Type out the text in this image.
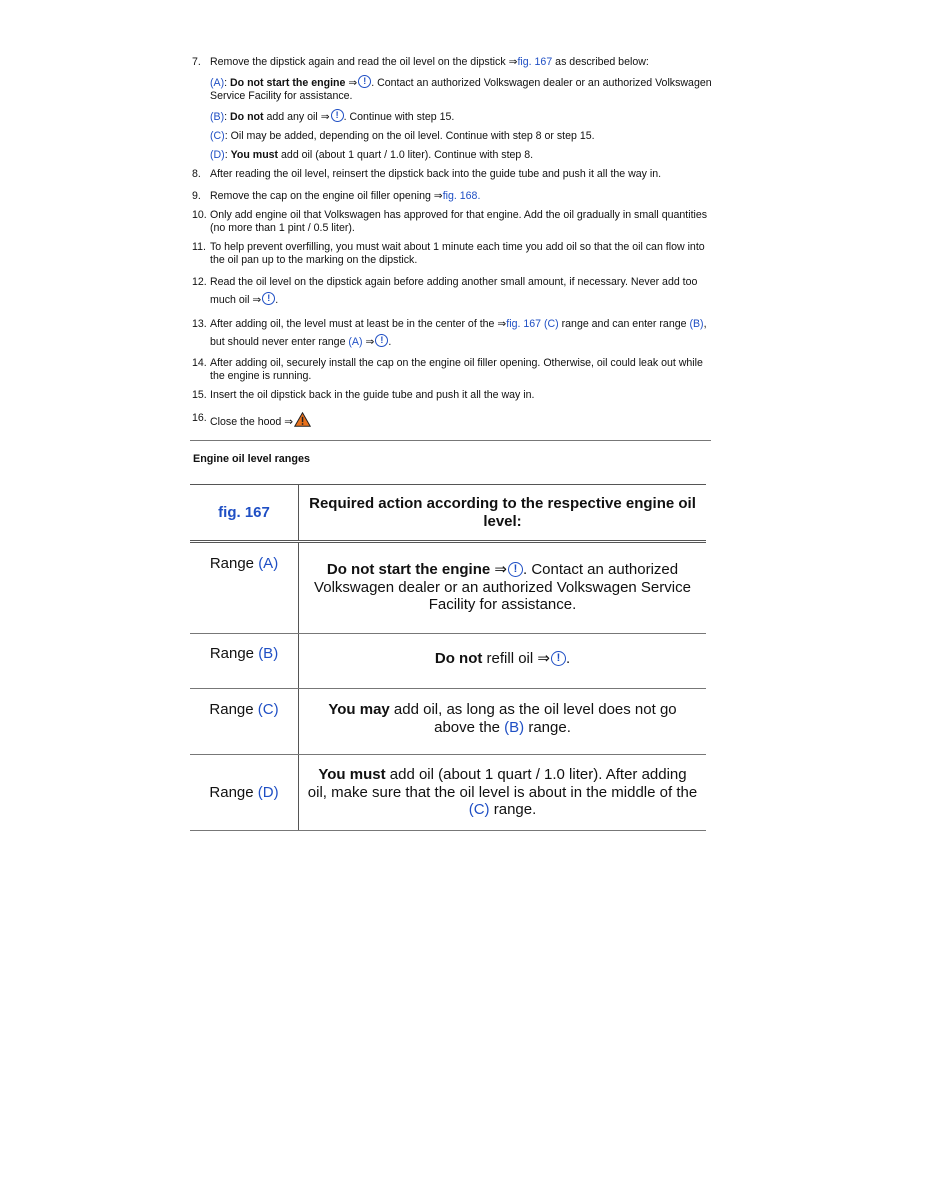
7. Remove the dipstick again and read the oil level on the dipstick ⇒fig. 167 as described below:
(A): Do not start the engine ⇒ ! . Contact an authorized Volkswagen dealer or an authorized Volkswagen Service Facility for assistance.
(B): Do not add any oil ⇒ ! . Continue with step 15.
(C): Oil may be added, depending on the oil level. Continue with step 8 or step 15.
(D): You must add oil (about 1 quart / 1.0 liter). Continue with step 8.
8. After reading the oil level, reinsert the dipstick back into the guide tube and push it all the way in.
9. Remove the cap on the engine oil filler opening ⇒fig. 168.
10. Only add engine oil that Volkswagen has approved for that engine. Add the oil gradually in small quantities (no more than 1 pint / 0.5 liter).
11. To help prevent overfilling, you must wait about 1 minute each time you add oil so that the oil can flow into the oil pan up to the marking on the dipstick.
12. Read the oil level on the dipstick again before adding another small amount, if necessary. Never add too much oil ⇒ ! .
13. After adding oil, the level must at least be in the center of the ⇒fig. 167 (C) range and can enter range (B), but should never enter range (A) ⇒ ! .
14. After adding oil, securely install the cap on the engine oil filler opening. Otherwise, oil could leak out while the engine is running.
15. Insert the oil dipstick back in the guide tube and push it all the way in.
16. Close the hood ⇒
Engine oil level ranges
fig. 167	Required action according to the respective engine oil level:
Range (A)	Do not start the engine ⇒ ! . Contact an authorized Volkswagen dealer or an authorized Volkswagen Service Facility for assistance.
Range (B)	Do not refill oil ⇒ ! .
Range (C)	You may add oil, as long as the oil level does not go above the (B) range.
Range (D)	You must add oil (about 1 quart / 1.0 liter). After adding oil, make sure that the oil level is about in the middle of the (C) range.
